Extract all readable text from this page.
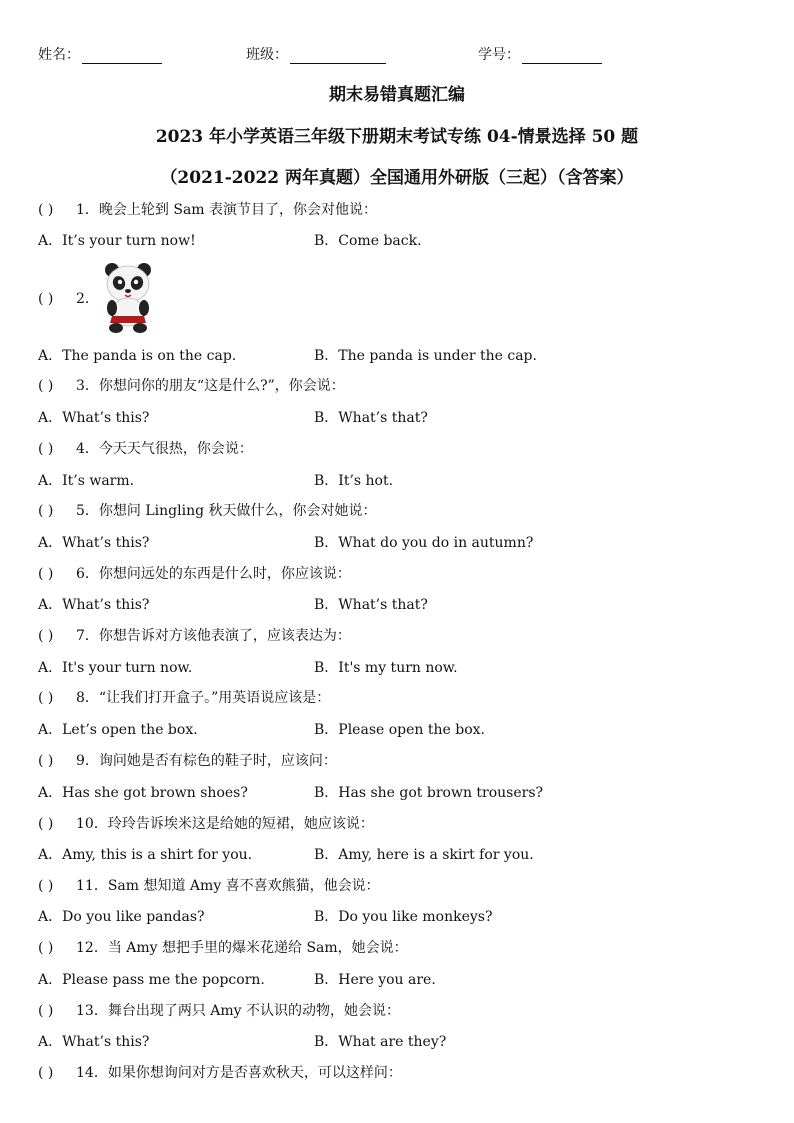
姓名：	班级：	学号：
期末易错真题汇编
2023 年小学英语三年级下册期末考试专练 04-情景选择 50 题
（2021-2022 两年真题）全国通用外研版（三起）（含答案）
( )	1．晚会上轮到 Sam 表演节目了，你会对他说：
A．It’s your turn now!	B．Come back.
( )	2．
A．The panda is on the cap.	B．The panda is under the cap.
( )	3．你想问你的朋友“这是什么?”，你会说：
A．What’s this?	B．What’s that?
( )	4．今天天气很热，你会说：
A．It’s warm.	B．It’s hot.
( )	5．你想问 Lingling 秋天做什么，你会对她说：
A．What’s this?	B．What do you do in autumn?
( )	6．你想问远处的东西是什么时，你应该说：
A．What’s this?	B．What’s that?
( )	7．你想告诉对方该他表演了，应该表达为：
A．It's your turn now.	B．It's my turn now.
( )	8．“让我们打开盒子。”用英语说应该是：
A．Let’s open the box.	B．Please open the box.
( )	9．询问她是否有棕色的鞋子时，应该问：
A．Has she got brown shoes?	B．Has she got brown trousers?
( )	10．玲玲告诉埃米这是给她的短裙，她应该说：
A．Amy, this is a shirt for you.	B．Amy, here is a skirt for you.
( )	11．Sam 想知道 Amy 喜不喜欢熊猫，他会说：
A．Do you like pandas?	B．Do you like monkeys?
( )	12．当 Amy 想把手里的爆米花递给 Sam，她会说：
A．Please pass me the popcorn.	B．Here you are.
( )	13．舞台出现了两只 Amy 不认识的动物，她会说：
A．What’s this?	B．What are they?
( )	14．如果你想询问对方是否喜欢秋天，可以这样问：
